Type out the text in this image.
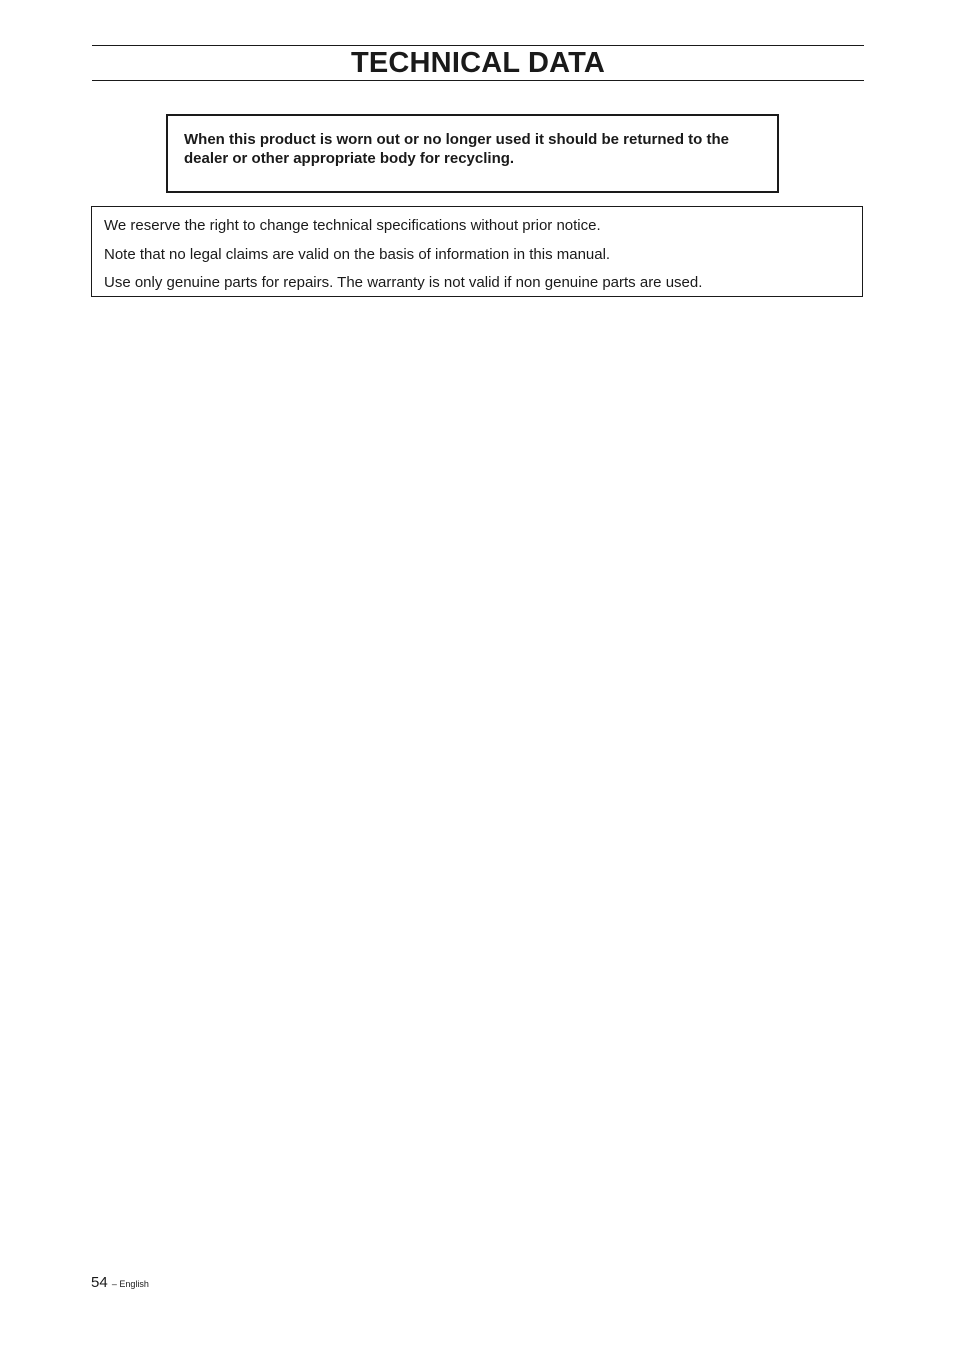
TECHNICAL DATA

When this product is worn out or no longer used it should be returned to the dealer or other appropriate body for recycling.

We reserve the right to change technical specifications without prior notice.

Note that no legal claims are valid on the basis of information in this manual.

Use only genuine parts for repairs. The warranty is not valid if non genuine parts are used.

54 – English
